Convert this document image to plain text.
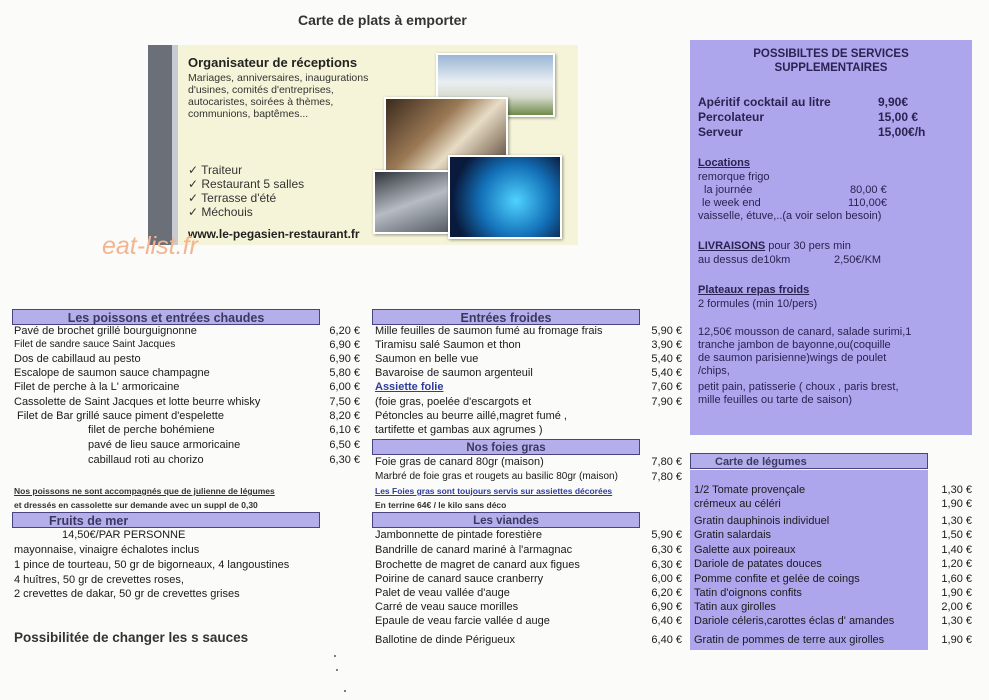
Carte de plats à emporter
Organisateur de réceptions
Mariages, anniversaires, inaugurations d'usines, comités d'entreprises, autocaristes, soirées à thèmes, communions, baptêmes...
✓ Traiteur
✓ Restaurant 5 salles
✓ Terrasse d'été
✓ Méchouis
www.le-pegasien-restaurant.fr
eat-list.fr
POSSIBILTES DE SERVICES
SUPPLEMENTAIRES
Apéritif cocktail au litre	9,90€
Percolateur	15,00 €
Serveur	15,00€/h
Locations
remorque frigo
la journée	80,00 €
le week end	110,00€
vaisselle, étuve,..(a voir selon besoin)
LIVRAISONS pour 30 pers min
au dessus de10km	2,50€/KM
Plateaux repas froids
2 formules (min 10/pers)
12,50€ mousson de canard, salade surimi,1
tranche jambon de bayonne,ou(coquille
de saumon parisienne)wings de poulet
/chips,
petit pain, patisserie ( choux , paris brest,
mille feuilles ou tarte de saison)
Les poissons et entrées chaudes
Pavé de brochet grillé bourguignonne	6,20 €
Filet de sandre sauce Saint Jacques	6,90 €
Dos de cabillaud au pesto	6,90 €
Escalope de saumon sauce champagne	5,80 €
Filet de perche à la L' armoricaine	6,00 €
Cassolette de Saint Jacques et lotte beurre whisky	7,50 €
Filet de Bar grillé sauce piment d'espelette	8,20 €
filet de perche bohémiene	6,10 €
pavé de lieu sauce armoricaine	6,50 €
cabillaud roti au chorizo	6,30 €
Nos poissons ne sont accompagnés que de julienne de légumes
et dressés en cassolette sur demande avec un suppl de 0,30
Fruits de mer
14,50€/PAR PERSONNE
mayonnaise, vinaigre échalotes inclus
1 pince de tourteau, 50 gr de bigorneaux, 4 langoustines
4 huîtres, 50 gr de crevettes roses,
2 crevettes de dakar, 50 gr de crevettes grises
Possibilitée de changer les s sauces
Entrées froides
Mille feuilles de saumon fumé au fromage frais	5,90 €
Tiramisu salé Saumon et thon	3,90 €
Saumon en belle vue	5,40 €
Bavaroise de saumon argenteuil	5,40 €
Assiette folie	7,60 €
(foie gras, poelée d'escargots et	7,90 €
Pétoncles au beurre aillé,magret fumé ,
tartifette et gambas aux agrumes )
Nos foies gras
Foie gras de canard 80gr (maison)	7,80 €
Marbré de foie gras et rougets au basilic 80gr (maison)	7,80 €
Les Foies gras sont toujours servis sur assiettes décorées
En terrine 64€ / le kilo sans déco
Les viandes
Jambonnette de pintade forestière	5,90 €
Bandrille de canard mariné à l'armagnac	6,30 €
Brochette de magret de canard aux figues	6,30 €
Poirine de canard sauce cranberry	6,00 €
Palet de veau vallée d'auge	6,20 €
Carré de veau sauce morilles	6,90 €
Epaule de veau farcie vallée d auge	6,40 €
Ballotine de dinde Périgueux	6,40 €
Carte de légumes
1/2 Tomate provençale	1,30 €
crémeux au céléri	1,90 €
Gratin dauphinois individuel	1,30 €
Gratin salardais	1,50 €
Galette aux poireaux	1,40 €
Dariole de patates douces	1,20 €
Pomme confite et gelée de coings	1,60 €
Tatin d'oignons confits	1,90 €
Tatin aux girolles	2,00 €
Dariole céleris,carottes éclas d' amandes	1,30 €
Gratin de pommes de terre aux girolles	1,90 €
